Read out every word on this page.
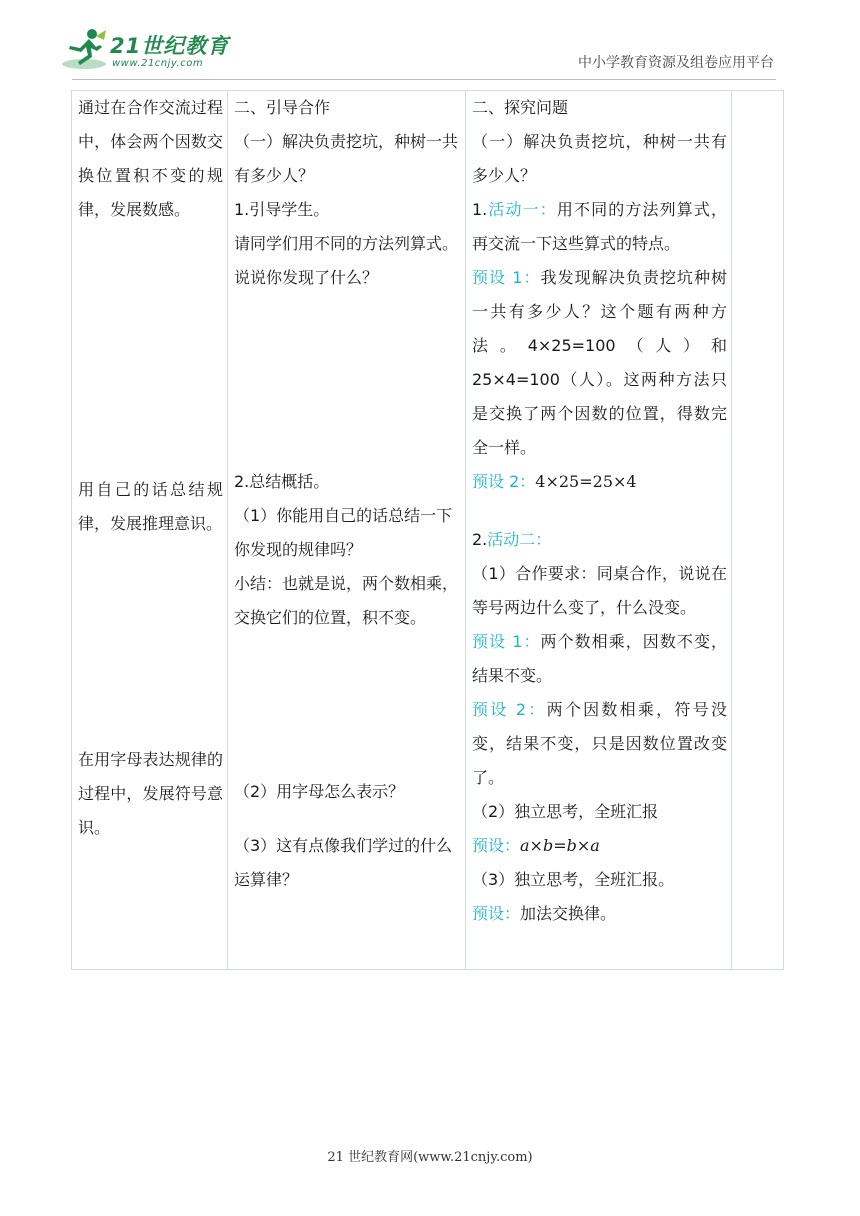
21世纪教育
www.21cnjy.com	中小学教育资源及组卷应用平台
通过在合作交流过程中，体会两个因数交换位置积不变的规律，发展数感。
用自己的话总结规律，发展推理意识。
在用字母表达规律的过程中，发展符号意识。

二、引导合作
（一）解决负责挖坑，种树一共有多少人？
1.引导学生。
请同学们用不同的方法列算式。说说你发现了什么？
2.总结概括。
（1）你能用自己的话总结一下你发现的规律吗？
小结：也就是说，两个数相乘，交换它们的位置，积不变。
（2）用字母怎么表示？
（3）这有点像我们学过的什么运算律？

二、探究问题
（一）解决负责挖坑，种树一共有多少人？
1.活动一：用不同的方法列算式，再交流一下这些算式的特点。
预设 1：我发现解决负责挖坑种树一共有多少人？这个题有两种方法。4×25=100（人）和 25×4=100（人）。这两种方法只是交换了两个因数的位置，得数完全一样。
预设 2：4×25=25×4
2.活动二：
（1）合作要求：同桌合作，说说在等号两边什么变了，什么没变。
预设 1：两个数相乘，因数不变，结果不变。
预设 2：两个因数相乘，符号没变，结果不变，只是因数位置改变了。
（2）独立思考，全班汇报
预设：a×b=b×a
（3）独立思考，全班汇报。
预设：加法交换律。

21 世纪教育网(www.21cnjy.com)
